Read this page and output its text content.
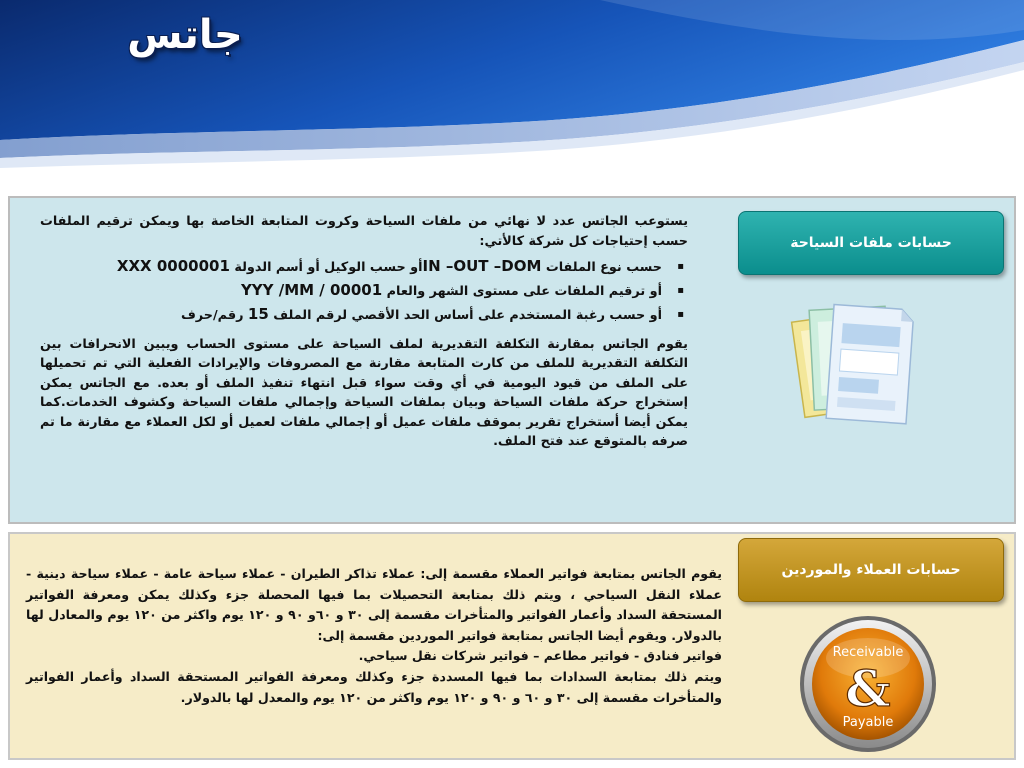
جاتس
حسابات ملفات السياحة

يستوعب الجاتس عدد لا نهائي من ملفات السياحة وكروت المتابعة الخاصة بها ويمكن ترقيم الملفات حسب إحتياجات كل شركة كالأتي:

▪ حسب نوع الملفات IN –OUT –DOMأو حسب الوكيل أو أسم الدولة XXX 0000001
▪ أو ترقيم الملفات على مستوى الشهر والعام YYY /MM / 00001
▪ أو حسب رغبة المستخدم على أساس الحد الأقصي لرقم الملف 15 رقم/حرف

يقوم الجاتس بمقارنة التكلفة التقديرية لملف السياحة على مستوى الحساب ويبين الانحرافات بين التكلفة التقديرية للملف من كارت المتابعة مقارنة مع المصروفات والإيرادات الفعلية التي تم تحميلها على الملف من قيود اليومية في أي وقت سواء قبل انتهاء تنفيذ الملف أو بعده. مع الجاتس يمكن إستخراج حركة ملفات السياحة وبيان بملفات السياحة وإجمالي ملفات السياحة وكشوف الخدمات.كما يمكن أيضا أستخراج تقرير بموقف ملفات عميل أو إجمالي ملفات لعميل أو لكل العملاء مع مقارنة ما تم صرفه بالمتوقع عند فتح الملف.

حسابات العملاء والموردين

يقوم الجاتس بمتابعة فواتير العملاء مقسمة إلى: عملاء تذاكر الطيران - عملاء سياحة عامة - عملاء سياحة دينية - عملاء النقل السياحي ، ويتم ذلك بمتابعة التحصيلات بما فيها المحصلة جزء وكذلك يمكن ومعرفة الفواتير المستحقة السداد وأعمار الفواتير والمتأخرات مقسمة إلى ٣٠ و ٦٠و ٩٠ و ١٢٠ يوم واكثر من ١٢٠ يوم والمعادل لها بالدولار. ويقوم أيضا الجاتس بمتابعة فواتير الموردين مقسمة إلى:

فواتير فنادق - فواتير مطاعم – فواتير شركات نقل سياحي.

ويتم ذلك بمتابعة السدادات بما فيها المسددة جزء وكذلك ومعرفة الفواتير المستحقة السداد وأعمار الفواتير والمتأخرات مقسمة إلى ٣٠ و ٦٠ و ٩٠ و ١٢٠ يوم واكثر من ١٢٠ يوم والمعدل لها بالدولار.

Receivable
&
Payable
